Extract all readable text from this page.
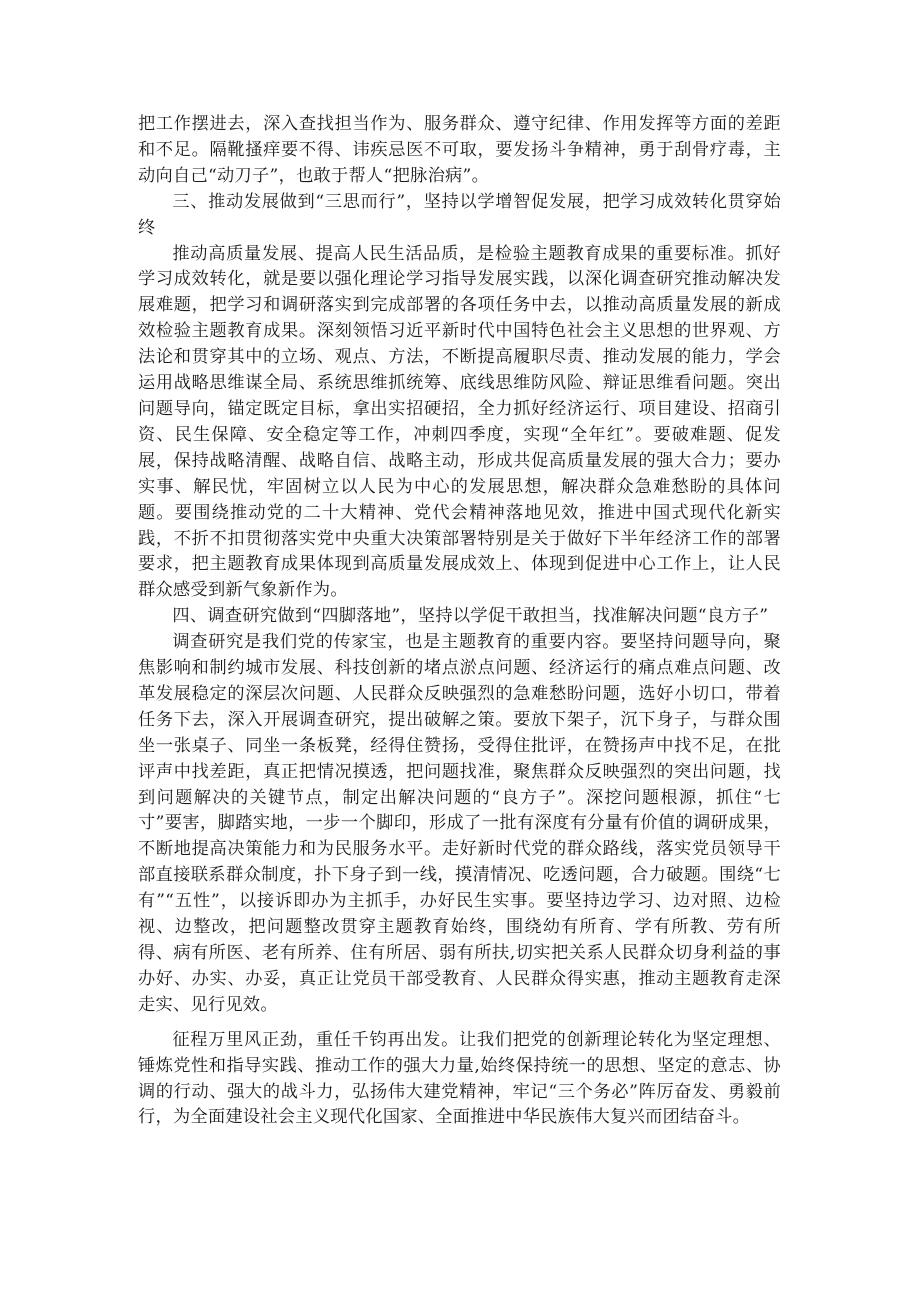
把工作摆进去，深入查找担当作为、服务群众、遵守纪律、作用发挥等方面的差距和不足。隔靴搔痒要不得、讳疾忌医不可取，要发扬斗争精神，勇于刮骨疗毒，主动向自己“动刀子”，也敢于帮人“把脉治病”。

三、推动发展做到“三思而行”，坚持以学增智促发展，把学习成效转化贯穿始终

推动高质量发展、提高人民生活品质，是检验主题教育成果的重要标准。抓好学习成效转化，就是要以强化理论学习指导发展实践，以深化调查研究推动解决发展难题，把学习和调研落实到完成部署的各项任务中去，以推动高质量发展的新成效检验主题教育成果。深刻领悟习近平新时代中国特色社会主义思想的世界观、方法论和贯穿其中的立场、观点、方法，不断提高履职尽责、推动发展的能力，学会运用战略思维谋全局、系统思维抓统筹、底线思维防风险、辩证思维看问题。突出问题导向，锚定既定目标，拿出实招硬招，全力抓好经济运行、项目建设、招商引资、民生保障、安全稳定等工作，冲刺四季度，实现“全年红”。要破难题、促发展，保持战略清醒、战略自信、战略主动，形成共促高质量发展的强大合力；要办实事、解民忧，牢固树立以人民为中心的发展思想，解决群众急难愁盼的具体问题。要围绕推动党的二十大精神、党代会精神落地见效，推进中国式现代化新实践，不折不扣贯彻落实党中央重大决策部署特别是关于做好下半年经济工作的部署要求，把主题教育成果体现到高质量发展成效上、体现到促进中心工作上，让人民群众感受到新气象新作为。

四、调查研究做到“四脚落地”，坚持以学促干敢担当，找准解决问题“良方子”

调查研究是我们党的传家宝，也是主题教育的重要内容。要坚持问题导向，聚焦影响和制约城市发展、科技创新的堵点淤点问题、经济运行的痛点难点问题、改革发展稳定的深层次问题、人民群众反映强烈的急难愁盼问题，选好小切口，带着任务下去，深入开展调查研究，提出破解之策。要放下架子，沉下身子，与群众围坐一张桌子、同坐一条板凳，经得住赞扬，受得住批评，在赞扬声中找不足，在批评声中找差距，真正把情况摸透，把问题找准，聚焦群众反映强烈的突出问题，找到问题解决的关键节点，制定出解决问题的“良方子”。深挖问题根源，抓住“七寸”要害，脚踏实地，一步一个脚印，形成了一批有深度有分量有价值的调研成果，不断地提高决策能力和为民服务水平。走好新时代党的群众路线，落实党员领导干部直接联系群众制度，扑下身子到一线，摸清情况、吃透问题，合力破题。围绕“七有”“五性”，以接诉即办为主抓手，办好民生实事。要坚持边学习、边对照、边检视、边整改，把问题整改贯穿主题教育始终，围绕幼有所育、学有所教、劳有所得、病有所医、老有所养、住有所居、弱有所扶,切实把关系人民群众切身利益的事办好、办实、办妥，真正让党员干部受教育、人民群众得实惠，推动主题教育走深走实、见行见效。

征程万里风正劲，重任千钧再出发。让我们把党的创新理论转化为坚定理想、锤炼党性和指导实践、推动工作的强大力量,始终保持统一的思想、坚定的意志、协调的行动、强大的战斗力，弘扬伟大建党精神，牢记“三个务必”阵厉奋发、勇毅前行，为全面建设社会主义现代化国家、全面推进中华民族伟大复兴而团结奋斗。
